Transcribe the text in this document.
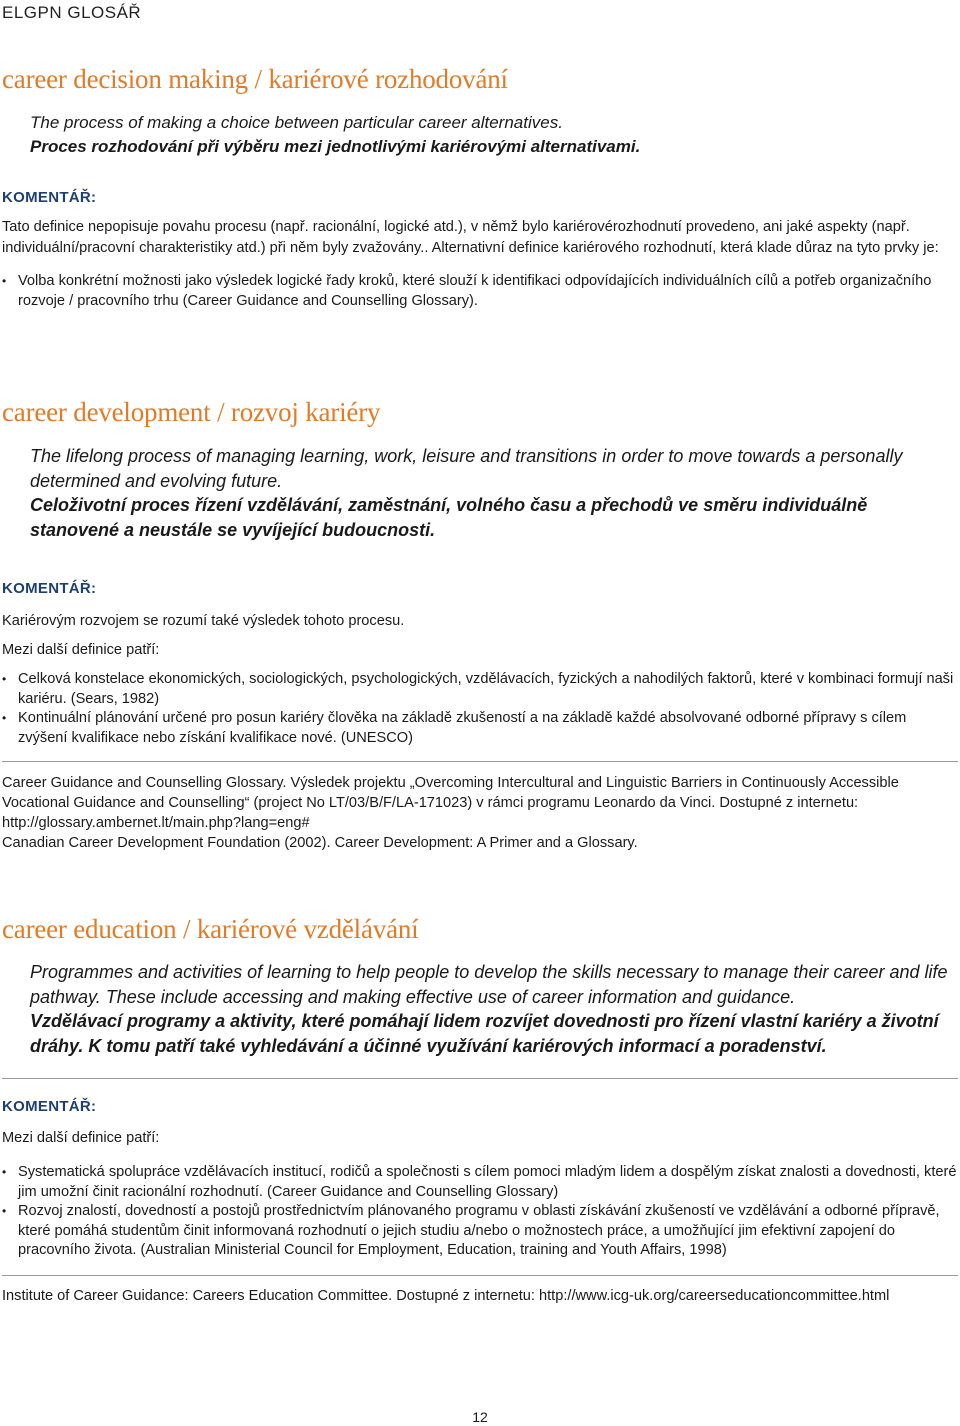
ELGPN GLOSÁŘ
career decision making / kariérové rozhodování
The process of making a choice between particular career alternatives.
Proces rozhodování při výběru mezi jednotlivými kariérovými alternativami.
KOMENTÁŘ:
Tato definice nepopisuje povahu procesu (např. racionální, logické atd.), v němž bylo kariérovérozhodnutí provedeno, ani jaké aspekty (např. individuální/pracovní charakteristiky atd.) při něm byly zvažovány.. Alternativní definice kariérového rozhodnutí, která klade důraz na tyto prvky je:
• Volba konkrétní možnosti jako výsledek logické řady kroků, které slouží k identifikaci odpovídajících individuálních cílů a potřeb organizačního rozvoje / pracovního trhu (Career Guidance and Counselling Glossary).
career development / rozvoj kariéry
The lifelong process of managing learning, work, leisure and transitions in order to move towards a personally determined and evolving future.
Celoživotní proces řízení vzdělávání, zaměstnání, volného času a přechodů ve směru individuálně stanovené a neustále se vyvíjející budoucnosti.
KOMENTÁŘ:
Kariérovým rozvojem se rozumí také výsledek tohoto procesu.
Mezi další definice patří:
• Celková konstelace ekonomických, sociologických, psychologických, vzdělávacích, fyzických a nahodilých faktorů, které v kombinaci formují naši kariéru. (Sears, 1982)
• Kontinuální plánování určené pro posun kariéry člověka na základě zkušeností a na základě každé absolvované odborné přípravy s cílem zvýšení kvalifikace nebo získání kvalifikace nové. (UNESCO)
Career Guidance and Counselling Glossary. Výsledek projektu „Overcoming Intercultural and Linguistic Barriers in Continuously Accessible Vocational Guidance and Counselling“ (project No LT/03/B/F/LA-171023) v rámci programu Leonardo da Vinci. Dostupné z internetu: http://glossary.ambernet.lt/main.php?lang=eng#
Canadian Career Development Foundation (2002). Career Development: A Primer and a Glossary.
career education / kariérové vzdělávání
Programmes and activities of learning to help people to develop the skills necessary to manage their career and life pathway. These include accessing and making effective use of career information and guidance.
Vzdělávací programy a aktivity, které pomáhají lidem rozvíjet dovednosti pro řízení vlastní kariéry a životní dráhy. K tomu patří také vyhledávání a účinné využívání kariérových informací a poradenství.
KOMENTÁŘ:
Mezi další definice patří:
• Systematická spolupráce vzdělávacích institucí, rodičů a společnosti s cílem pomoci mladým lidem a dospělým získat znalosti a dovednosti, které jim umožní činit racionální rozhodnutí. (Career Guidance and Counselling Glossary)
• Rozvoj znalostí, dovedností a postojů prostřednictvím plánovaného programu v oblasti získávání zkušeností ve vzdělávání a odborné přípravě, které pomáhá studentům činit informovaná rozhodnutí o jejich studiu a/nebo o možnostech práce, a umožňující jim efektivní zapojení do pracovního života. (Australian Ministerial Council for Employment, Education, training and Youth Affairs, 1998)
Institute of Career Guidance: Careers Education Committee. Dostupné z internetu: http://www.icg-uk.org/careerseducationcommittee.html
12
